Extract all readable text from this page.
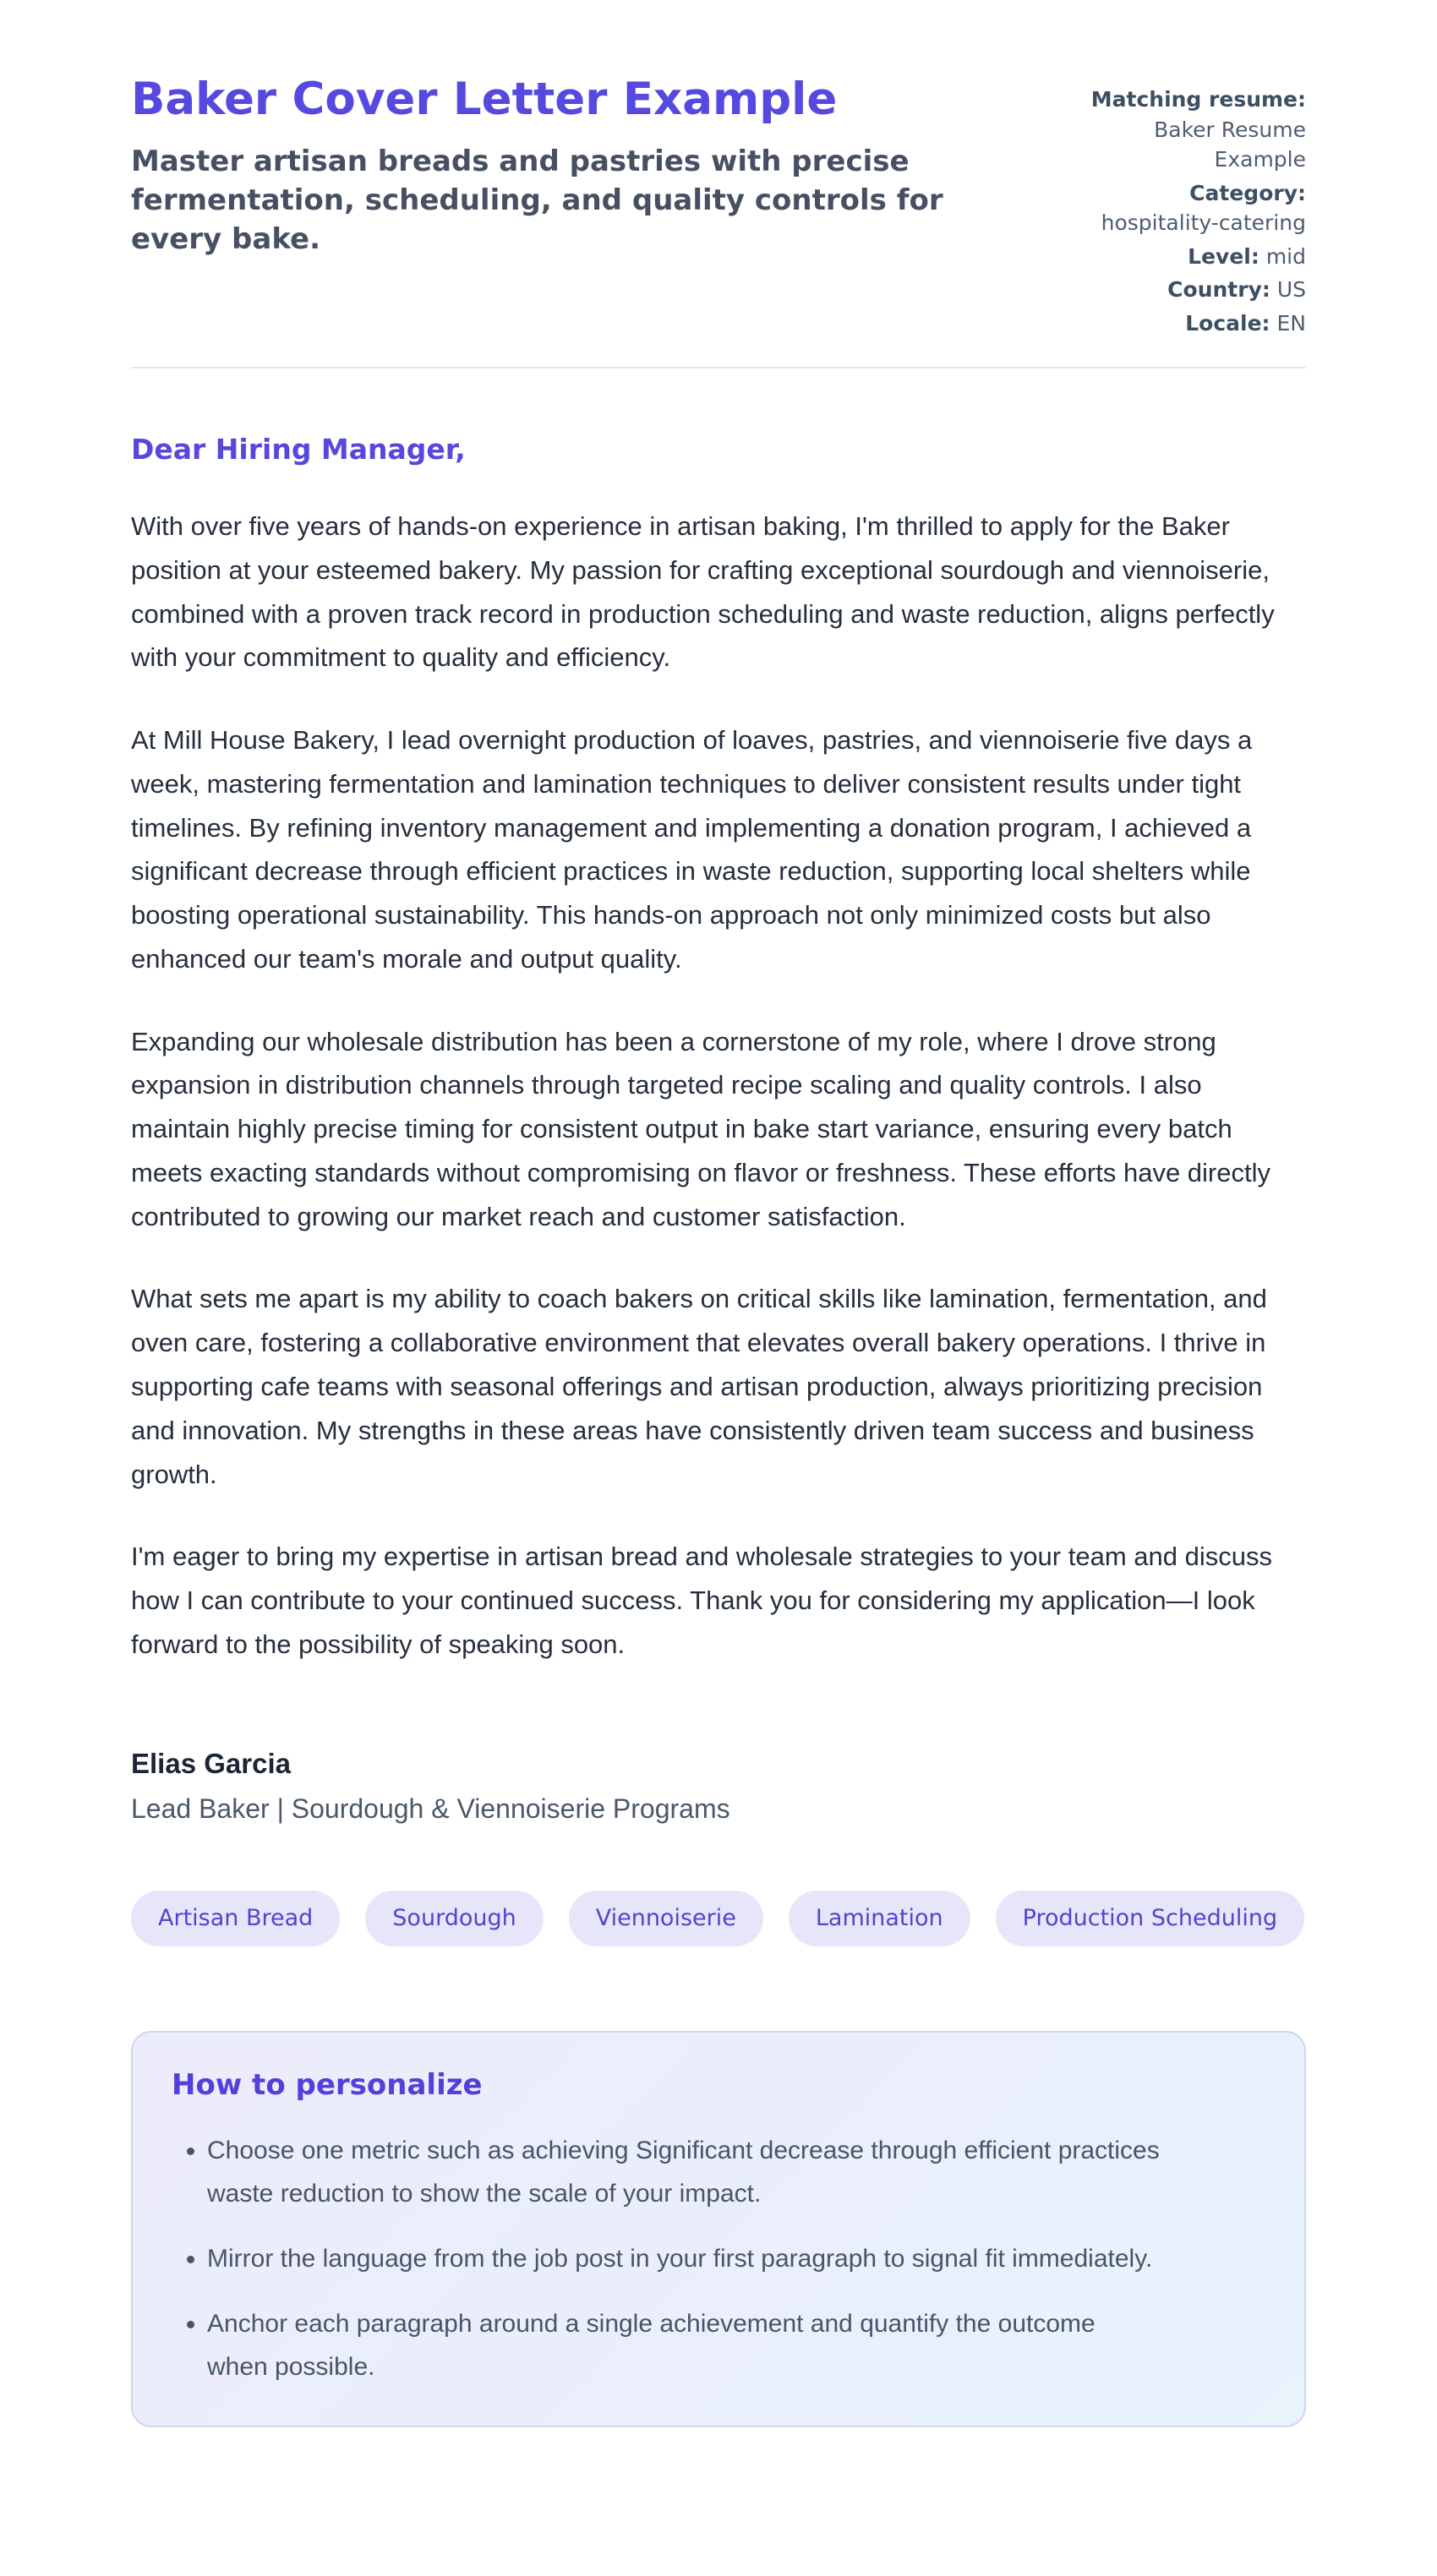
Baker Cover Letter Example
Master artisan breads and pastries with precise fermentation, scheduling, and quality controls for every bake.
Matching resume: Baker Resume Example
Category: hospitality-catering
Level: mid
Country: US
Locale: EN
Dear Hiring Manager,

With over five years of hands-on experience in artisan baking, I'm thrilled to apply for the Baker position at your esteemed bakery. My passion for crafting exceptional sourdough and viennoiserie, combined with a proven track record in production scheduling and waste reduction, aligns perfectly with your commitment to quality and efficiency.

At Mill House Bakery, I lead overnight production of loaves, pastries, and viennoiserie five days a week, mastering fermentation and lamination techniques to deliver consistent results under tight timelines. By refining inventory management and implementing a donation program, I achieved a significant decrease through efficient practices in waste reduction, supporting local shelters while boosting operational sustainability. This hands-on approach not only minimized costs but also enhanced our team's morale and output quality.

Expanding our wholesale distribution has been a cornerstone of my role, where I drove strong expansion in distribution channels through targeted recipe scaling and quality controls. I also maintain highly precise timing for consistent output in bake start variance, ensuring every batch meets exacting standards without compromising on flavor or freshness. These efforts have directly contributed to growing our market reach and customer satisfaction.

What sets me apart is my ability to coach bakers on critical skills like lamination, fermentation, and oven care, fostering a collaborative environment that elevates overall bakery operations. I thrive in supporting cafe teams with seasonal offerings and artisan production, always prioritizing precision and innovation. My strengths in these areas have consistently driven team success and business growth.

I'm eager to bring my expertise in artisan bread and wholesale strategies to your team and discuss how I can contribute to your continued success. Thank you for considering my application—I look forward to the possibility of speaking soon.

Elias Garcia
Lead Baker | Sourdough & Viennoiserie Programs
Artisan Bread	Sourdough	Viennoiserie	Lamination	Production Scheduling
How to personalize
• Choose one metric such as achieving Significant decrease through efficient practices waste reduction to show the scale of your impact.
• Mirror the language from the job post in your first paragraph to signal fit immediately.
• Anchor each paragraph around a single achievement and quantify the outcome when possible.
